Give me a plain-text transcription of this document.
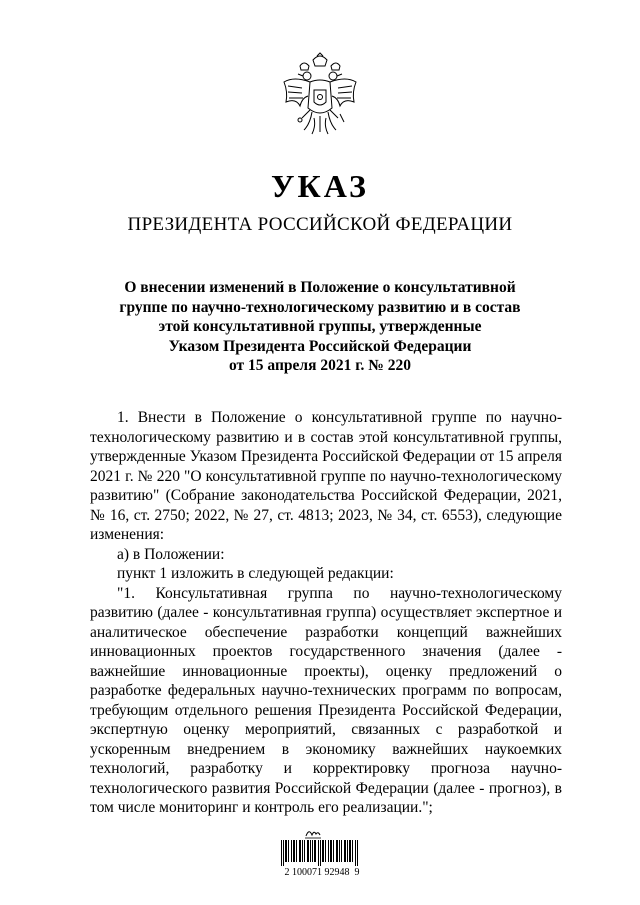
УКАЗ
ПРЕЗИДЕНТА РОССИЙСКОЙ ФЕДЕРАЦИИ
О внесении изменений в Положение о консультативной
группе по научно-технологическому развитию и в состав
этой консультативной группы, утвержденные
Указом Президента Российской Федерации
от 15 апреля 2021 г. № 220

1. Внести в Положение о консультативной группе по научно-технологическому развитию и в состав этой консультативной группы, утвержденные Указом Президента Российской Федерации от 15 апреля 2021 г. № 220 "О консультативной группе по научно-технологическому развитию" (Собрание законодательства Российской Федерации, 2021, № 16, ст. 2750; 2022, № 27, ст. 4813; 2023, № 34, ст. 6553), следующие изменения:

а) в Положении:

пункт 1 изложить в следующей редакции:

"1. Консультативная группа по научно-технологическому развитию (далее - консультативная группа) осуществляет экспертное и аналитическое обеспечение разработки концепций важнейших инновационных проектов государственного значения (далее - важнейшие инновационные проекты), оценку предложений о разработке федеральных научно-технических программ по вопросам, требующим отдельного решения Президента Российской Федерации, экспертную оценку мероприятий, связанных с разработкой и ускоренным внедрением в экономику важнейших наукоемких технологий, разработку и корректировку прогноза научно-технологического развития Российской Федерации (далее - прогноз), в том числе мониторинг и контроль его реализации.";

2 100071 92948  9
